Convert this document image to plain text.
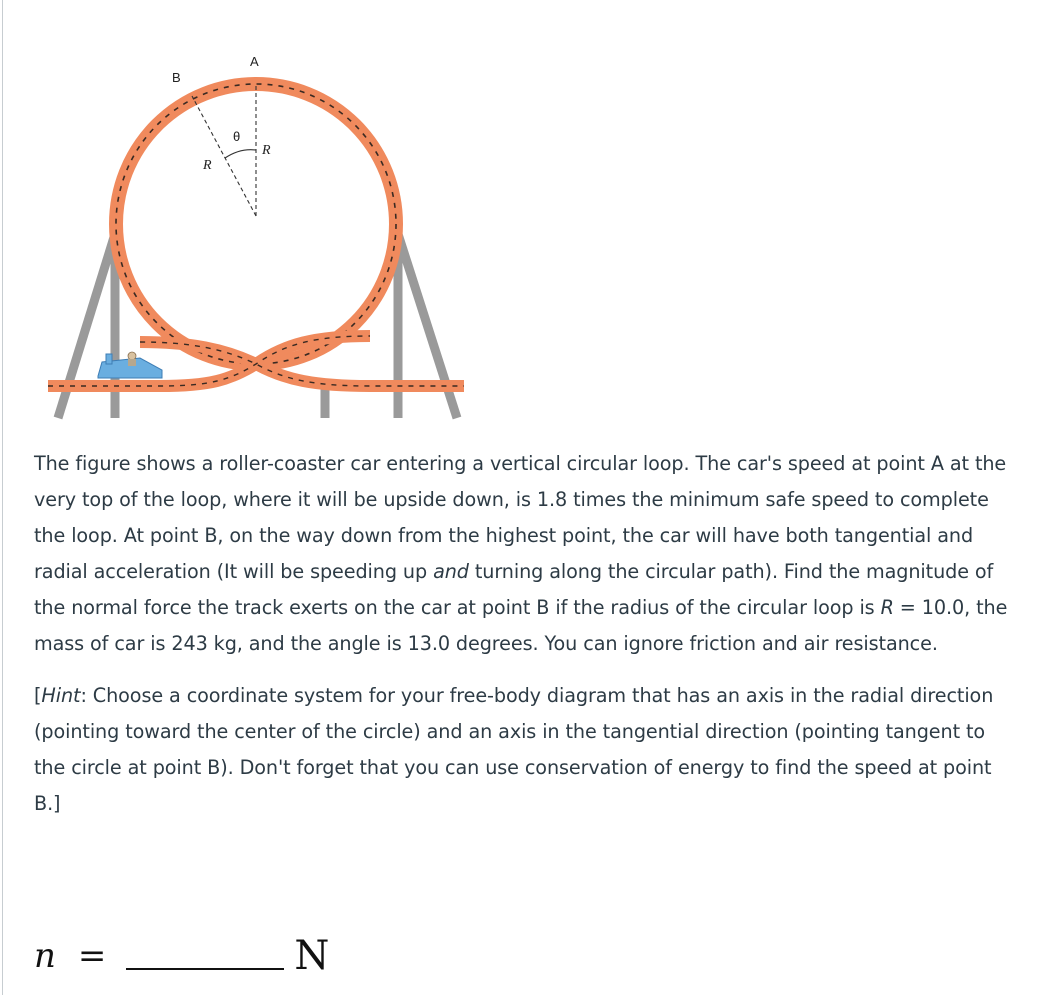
A
B
θ
R
R

The figure shows a roller-coaster car entering a vertical circular loop. The car's speed at point A at the very top of the loop, where it will be upside down, is 1.8 times the minimum safe speed to complete the loop. At point B, on the way down from the highest point, the car will have both tangential and radial acceleration (It will be speeding up and turning along the circular path). Find the magnitude of the normal force the track exerts on the car at point B if the radius of the circular loop is R = 10.0, the mass of car is 243 kg, and the angle is 13.0 degrees. You can ignore friction and air resistance.

[Hint: Choose a coordinate system for your free-body diagram that has an axis in the radial direction (pointing toward the center of the circle) and an axis in the tangential direction (pointing tangent to the circle at point B). Don't forget that you can use conservation of energy to find the speed at point B.]

n =	N
